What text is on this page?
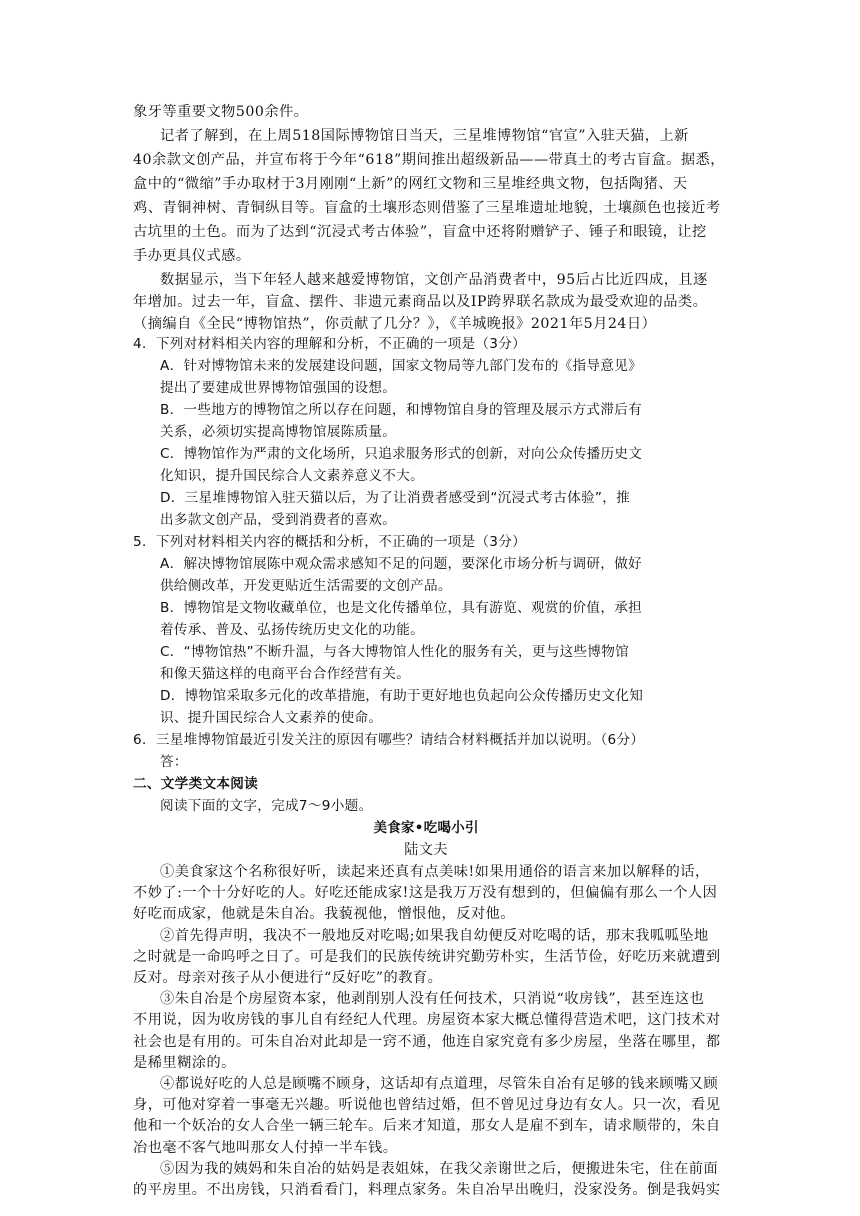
象牙等重要文物500余件。
记者了解到，在上周518国际博物馆日当天，三星堆博物馆“官宣”入驻天猫，上新
40余款文创产品，并宣布将于今年“618”期间推出超级新品——带真土的考古盲盒。据悉，
盒中的“微缩”手办取材于3月刚刚“上新”的网红文物和三星堆经典文物，包括陶猪、天
鸡、青铜神树、青铜纵目等。盲盒的土壤形态则借鉴了三星堆遗址地貌，土壤颜色也接近考
古坑里的土色。而为了达到“沉浸式考古体验”，盲盒中还将附赠铲子、锤子和眼镜，让挖
手办更具仪式感。
数据显示，当下年轻人越来越爱博物馆，文创产品消费者中，95后占比近四成，且逐
年增加。过去一年，盲盒、摆件、非遗元素商品以及IP跨界联名款成为最受欢迎的品类。
（摘编自《全民“博物馆热”，你贡献了几分？》，《羊城晚报》2021年5月24日）
4．下列对材料相关内容的理解和分析，不正确的一项是（3分）
A．针对博物馆未来的发展建设问题，国家文物局等九部门发布的《指导意见》
提出了要建成世界博物馆强国的设想。
B．一些地方的博物馆之所以存在问题，和博物馆自身的管理及展示方式滞后有
关系，必须切实提高博物馆展陈质量。
C．博物馆作为严肃的文化场所，只追求服务形式的创新，对向公众传播历史文
化知识，提升国民综合人文素养意义不大。
D．三星堆博物馆入驻天猫以后，为了让消费者感受到“沉浸式考古体验”，推
出多款文创产品，受到消费者的喜欢。
5．下列对材料相关内容的概括和分析，不正确的一项是（3分）
A．解决博物馆展陈中观众需求感知不足的问题，要深化市场分析与调研，做好
供给侧改革，开发更贴近生活需要的文创产品。
B．博物馆是文物收藏单位，也是文化传播单位，具有游览、观赏的价值，承担
着传承、普及、弘扬传统历史文化的功能。
C．“博物馆热”不断升温，与各大博物馆人性化的服务有关，更与这些博物馆
和像天猫这样的电商平台合作经营有关。
D．博物馆采取多元化的改革措施，有助于更好地也负起向公众传播历史文化知
识、提升国民综合人文素养的使命。
6．三星堆博物馆最近引发关注的原因有哪些？请结合材料概括并加以说明。（6分）
答：
二、文学类文本阅读
阅读下面的文字，完成7～9小题。
美食家•吃喝小引
陆文夫
①美食家这个名称很好听，读起来还真有点美味!如果用通俗的语言来加以解释的话，
不妙了:一个十分好吃的人。好吃还能成家!这是我万万没有想到的，但偏偏有那么一个人因
好吃而成家，他就是朱自冶。我藐视他，憎恨他，反对他。
②首先得声明，我决不一般地反对吃喝;如果我自幼便反对吃喝的话，那末我呱呱坠地
之时就是一命呜呼之日了。可是我们的民族传统讲究勤劳朴实，生活节俭，好吃历来就遭到
反对。母亲对孩子从小便进行“反好吃”的教育。
③朱自冶是个房屋资本家，他剥削别人没有任何技术，只消说“收房钱”，甚至连这也
不用说，因为收房钱的事儿自有经纪人代理。房屋资本家大概总懂得营造术吧，这门技术对
社会也是有用的。可朱自冶对此却是一窍不通，他连自家究竟有多少房屋，坐落在哪里，都
是稀里糊涂的。
④都说好吃的人总是顾嘴不顾身，这话却有点道理，尽管朱自冶有足够的钱来顾嘴又顾
身，可他对穿着一事毫无兴趣。听说他也曾结过婚，但不曾见过身边有女人。只一次，看见
他和一个妖冶的女人合坐一辆三轮车。后来才知道，那女人是雇不到车，请求顺带的，朱自
冶也毫不客气地叫那女人付掉一半车钱。
⑤因为我的姨妈和朱自冶的姑妈是表姐妹，在我父亲谢世之后，便搬进朱宅，住在前面
的平房里。不出房钱，只消看看门，料理点家务。朱自冶早出晚归，没家没务。倒是我妈实
